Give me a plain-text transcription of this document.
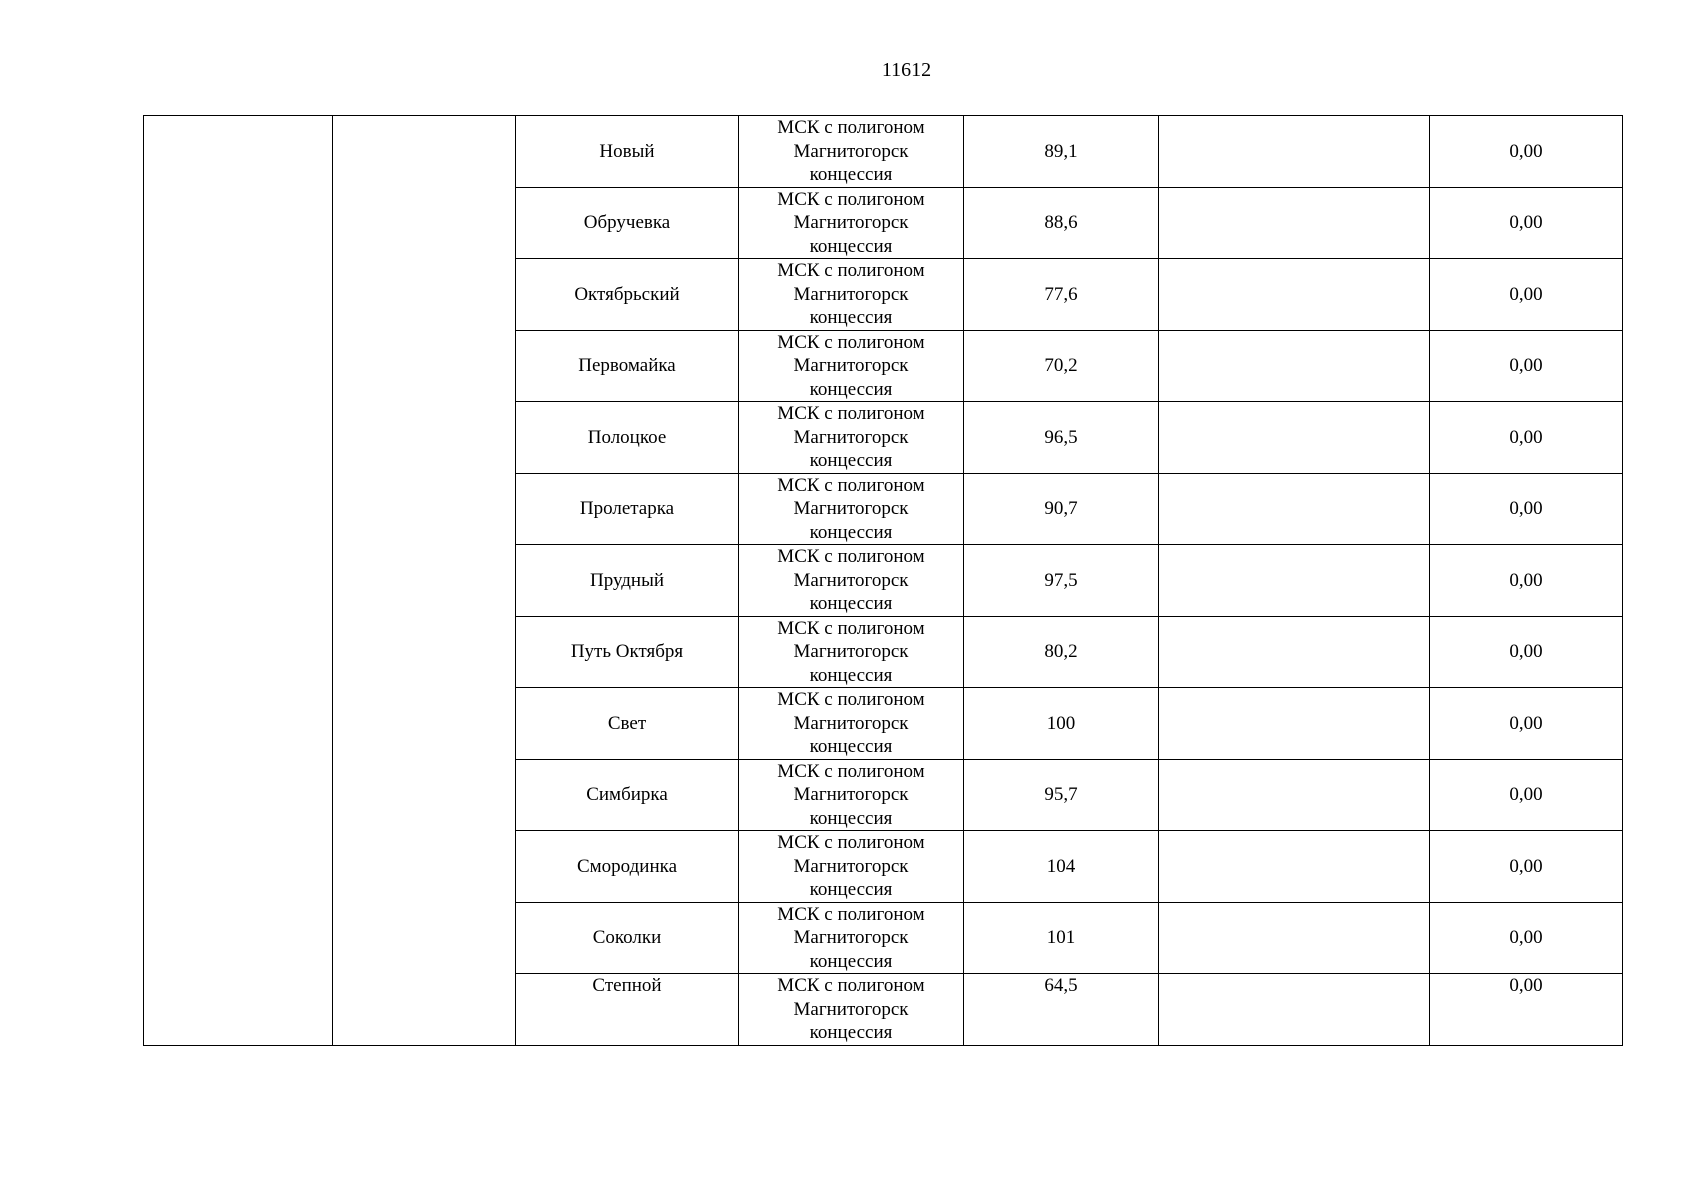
11612
		Новый	МСК с полигоном
Магнитогорск
концессия	89,1		0,00
		Обручевка	МСК с полигоном
Магнитогорск
концессия	88,6		0,00
		Октябрьский	МСК с полигоном
Магнитогорск
концессия	77,6		0,00
		Первомайка	МСК с полигоном
Магнитогорск
концессия	70,2		0,00
		Полоцкое	МСК с полигоном
Магнитогорск
концессия	96,5		0,00
		Пролетарка	МСК с полигоном
Магнитогорск
концессия	90,7		0,00
		Прудный	МСК с полигоном
Магнитогорск
концессия	97,5		0,00
		Путь Октября	МСК с полигоном
Магнитогорск
концессия	80,2		0,00
		Свет	МСК с полигоном
Магнитогорск
концессия	100		0,00
		Симбирка	МСК с полигоном
Магнитогорск
концессия	95,7		0,00
		Смородинка	МСК с полигоном
Магнитогорск
концессия	104		0,00
		Соколки	МСК с полигоном
Магнитогорск
концессия	101		0,00

		Степной	МСК с полигоном
Магнитогорск
концессия	64,5		0,00
